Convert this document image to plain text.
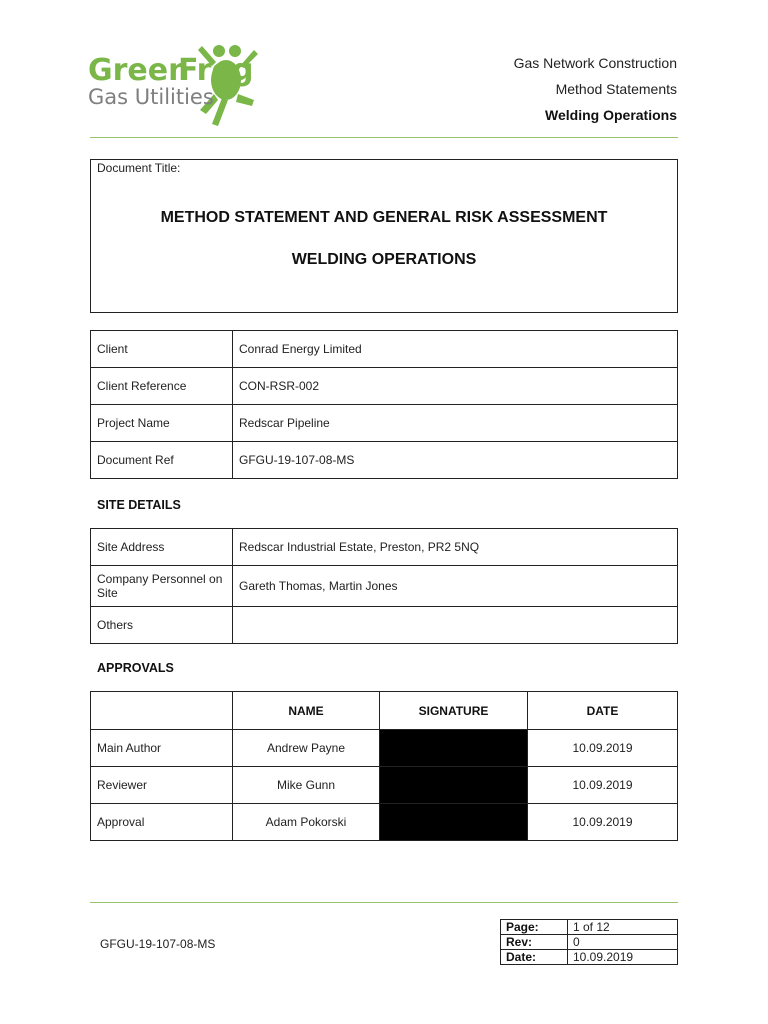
Green
Frog
Gas Utilities
Gas Network Construction
Method Statements
Welding Operations
Document Title:
METHOD STATEMENT AND GENERAL RISK ASSESSMENT
WELDING OPERATIONS
Client	Conrad Energy Limited
Client Reference	CON-RSR-002
Project Name	Redscar Pipeline
Document Ref	GFGU-19-107-08-MS
SITE DETAILS
Site Address	Redscar Industrial Estate, Preston, PR2 5NQ
Company Personnel on Site	Gareth Thomas, Martin Jones
Others	
APPROVALS
	NAME	SIGNATURE	DATE
Main Author	Andrew Payne		10.09.2019
Reviewer	Mike Gunn		10.09.2019
Approval	Adam Pokorski		10.09.2019
GFGU-19-107-08-MS
Page:	1 of 12
Rev:	0
Date:	10.09.2019
